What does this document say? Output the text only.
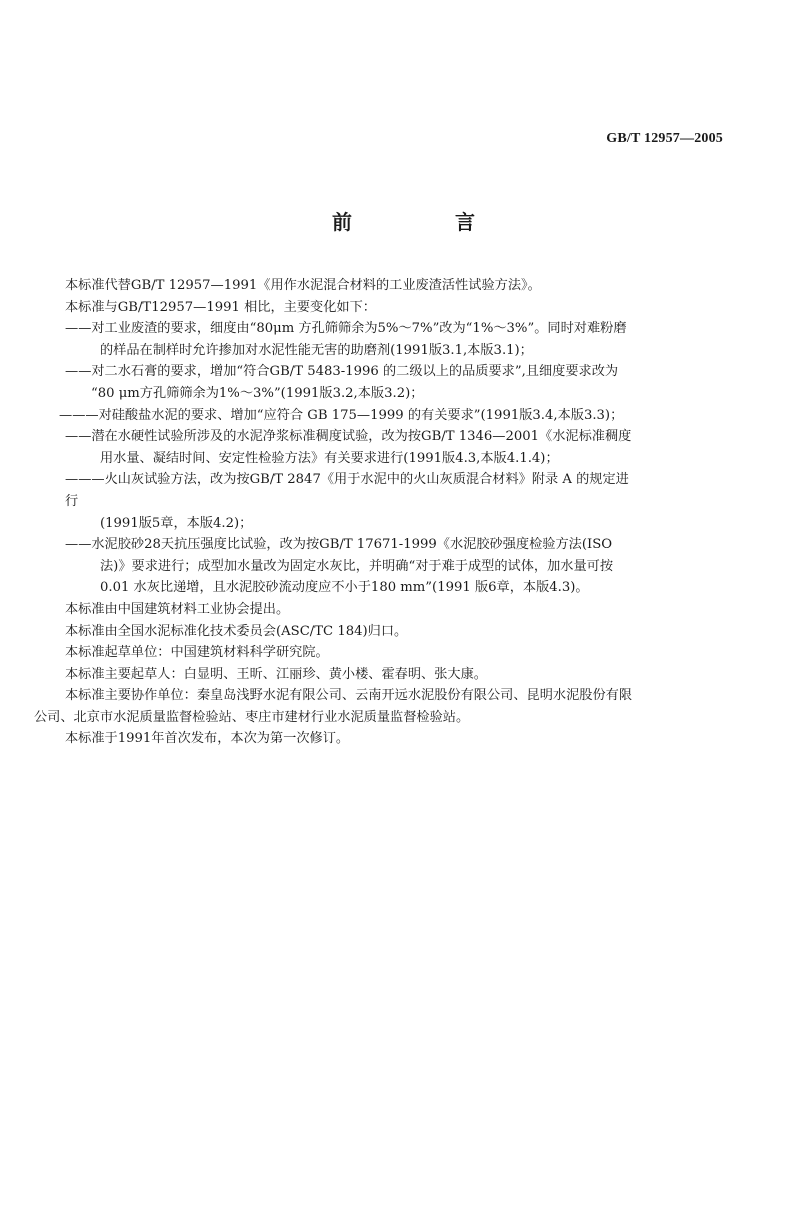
GB/T 12957—2005
前 言

本标准代替GB/T 12957—1991《用作水泥混合材料的工业废渣活性试验方法》。

本标准与GB/T12957—1991 相比，主要变化如下：

——对工业废渣的要求，细度由“80μm 方孔筛筛余为5%～7%”改为“1%～3%”。同时对难粉磨

的样品在制样时允许掺加对水泥性能无害的助磨剂(1991版3.1,本版3.1)；

——对二水石膏的要求，增加“符合GB/T 5483-1996 的二级以上的品质要求”,且细度要求改为

“80 μm方孔筛筛余为1%～3%”(1991版3.2,本版3.2)；

———对硅酸盐水泥的要求、增加“应符合 GB 175—1999 的有关要求”(1991版3.4,本版3.3)；

——潜在水硬性试验所涉及的水泥净浆标准稠度试验，改为按GB/T 1346—2001《水泥标准稠度

用水量、凝结时间、安定性检验方法》有关要求进行(1991版4.3,本版4.1.4)；

———火山灰试验方法，改为按GB/T 2847《用于水泥中的火山灰质混合材料》附录 A 的规定进

行

(1991版5章，本版4.2)；

——水泥胶砂28天抗压强度比试验，改为按GB/T 17671-1999《水泥胶砂强度检验方法(ISO

法)》要求进行；成型加水量改为固定水灰比，并明确“对于难于成型的试体，加水量可按

0.01 水灰比递增，且水泥胶砂流动度应不小于180 mm”(1991 版6章，本版4.3)。

本标准由中国建筑材料工业协会提出。

本标准由全国水泥标准化技术委员会(ASC/TC 184)归口。

本标准起草单位：中国建筑材料科学研究院。

本标准主要起草人：白显明、王昕、江丽珍、黄小楼、霍春明、张大康。

本标准主要协作单位：秦皇岛浅野水泥有限公司、云南开远水泥股份有限公司、昆明水泥股份有限

公司、北京市水泥质量监督检验站、枣庄市建材行业水泥质量监督检验站。

本标准于1991年首次发布，本次为第一次修订。
